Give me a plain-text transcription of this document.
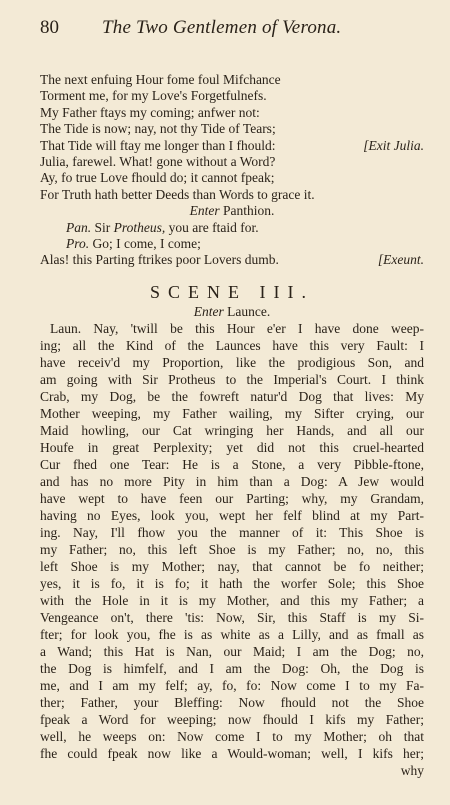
80 The Two Gentlemen of Verona.
The next enfuing Hour fome foul Mifchance
Torment me, for my Love's Forgetfulnefs.
My Father ftays my coming; anfwer not:
The Tide is now; nay, not thy Tide of Tears;
That Tide will ftay me longer than I fhould:	[Exit Julia.
Julia, farewel. What! gone without a Word?
Ay, fo true Love fhould do; it cannot fpeak;
For Truth hath better Deeds than Words to grace it.
Enter Panthion.
Pan. Sir Protheus, you are ftaid for.
Pro. Go; I come, I come;
Alas! this Parting ftrikes poor Lovers dumb.	[Exeunt.
SCENE III.
Enter Launce.
Laun. Nay, 'twill be this Hour e'er I have done weep-
ing; all the Kind of the Launces have this very Fault: I
have receiv'd my Proportion, like the prodigious Son, and
am going with Sir Protheus to the Imperial's Court. I think
Crab, my Dog, be the fowreft natur'd Dog that lives: My
Mother weeping, my Father wailing, my Sifter crying, our
Maid howling, our Cat wringing her Hands, and all our
Houfe in great Perplexity; yet did not this cruel-hearted
Cur fhed one Tear: He is a Stone, a very Pibble-ftone,
and has no more Pity in him than a Dog: A Jew would
have wept to have feen our Parting; why, my Grandam,
having no Eyes, look you, wept her felf blind at my Part-
ing. Nay, I'll fhow you the manner of it: This Shoe is
my Father; no, this left Shoe is my Father; no, no, this
left Shoe is my Mother; nay, that cannot be fo neither;
yes, it is fo, it is fo; it hath the worfer Sole; this Shoe
with the Hole in it is my Mother, and this my Father; a
Vengeance on't, there 'tis: Now, Sir, this Staff is my Si-
fter; for look you, fhe is as white as a Lilly, and as fmall as
a Wand; this Hat is Nan, our Maid; I am the Dog; no,
the Dog is himfelf, and I am the Dog: Oh, the Dog is
me, and I am my felf; ay, fo, fo: Now come I to my Fa-
ther; Father, your Bleffing: Now fhould not the Shoe
fpeak a Word for weeping; now fhould I kifs my Father;
well, he weeps on: Now come I to my Mother; oh that
fhe could fpeak now like a Would-woman; well, I kifs her;
why
